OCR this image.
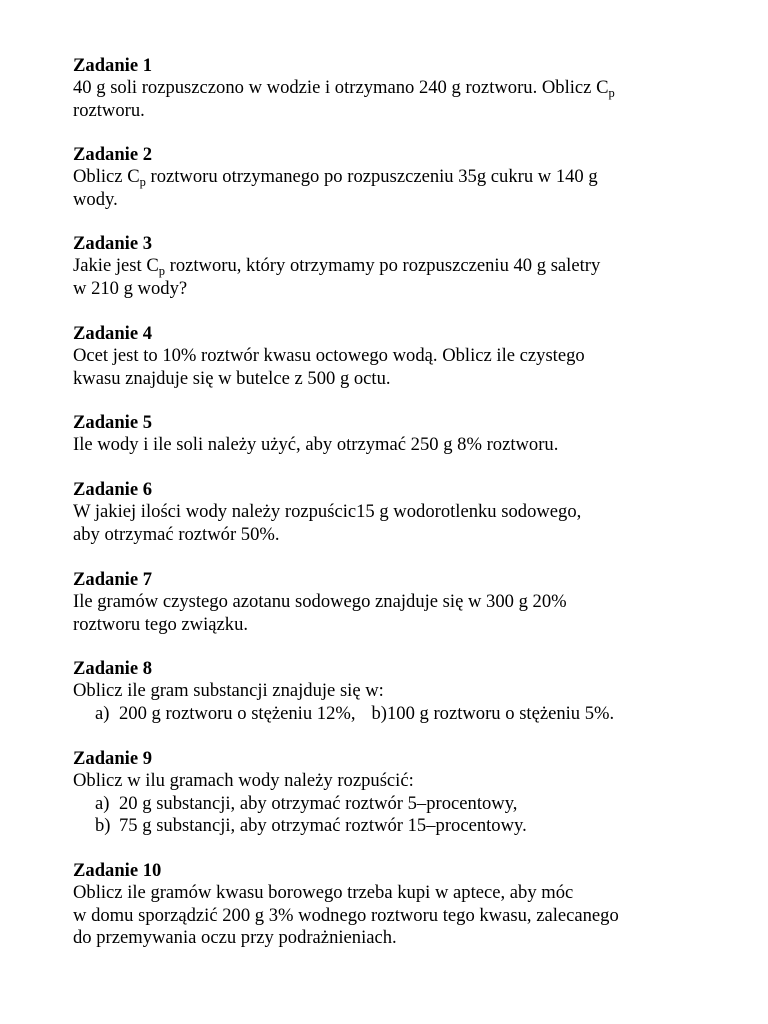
Zadanie 1
40 g soli rozpuszczono w wodzie i otrzymano 240 g roztworu. Oblicz $C_p$
roztworu.
Zadanie 2
Oblicz $C_p$ roztworu otrzymanego po rozpuszczeniu 35g cukru w 140 g
wody.
Zadanie 3
Jakie jest $C_p$ roztworu, który otrzymamy po rozpuszczeniu 40 g saletry
w 210 g wody?
Zadanie 4
Ocet jest to 10% roztwór kwasu octowego wodą. Oblicz ile czystego
kwasu znajduje się w butelce z 500 g octu.
Zadanie 5
Ile wody i ile soli należy użyć, aby otrzymać 250 g 8% roztworu.
Zadanie 6
W jakiej ilości wody należy rozpuścic15 g wodorotlenku sodowego,
aby otrzymać roztwór 50%.
Zadanie 7
Ile gramów czystego azotanu sodowego znajduje się w 300 g 20%
roztworu tego związku.
Zadanie 8
Oblicz ile gram substancji znajduje się w:
a) 200 g roztworu o stężeniu 12%, b)100 g roztworu o stężeniu 5%.
Zadanie 9
Oblicz w ilu gramach wody należy rozpuścić:
a) 20 g substancji, aby otrzymać roztwór 5–procentowy,
b) 75 g substancji, aby otrzymać roztwór 15–procentowy.
Zadanie 10
Oblicz ile gramów kwasu borowego trzeba kupi w aptece, aby móc
w domu sporządzić 200 g 3% wodnego roztworu tego kwasu, zalecanego
do przemywania oczu przy podrażnieniach.
